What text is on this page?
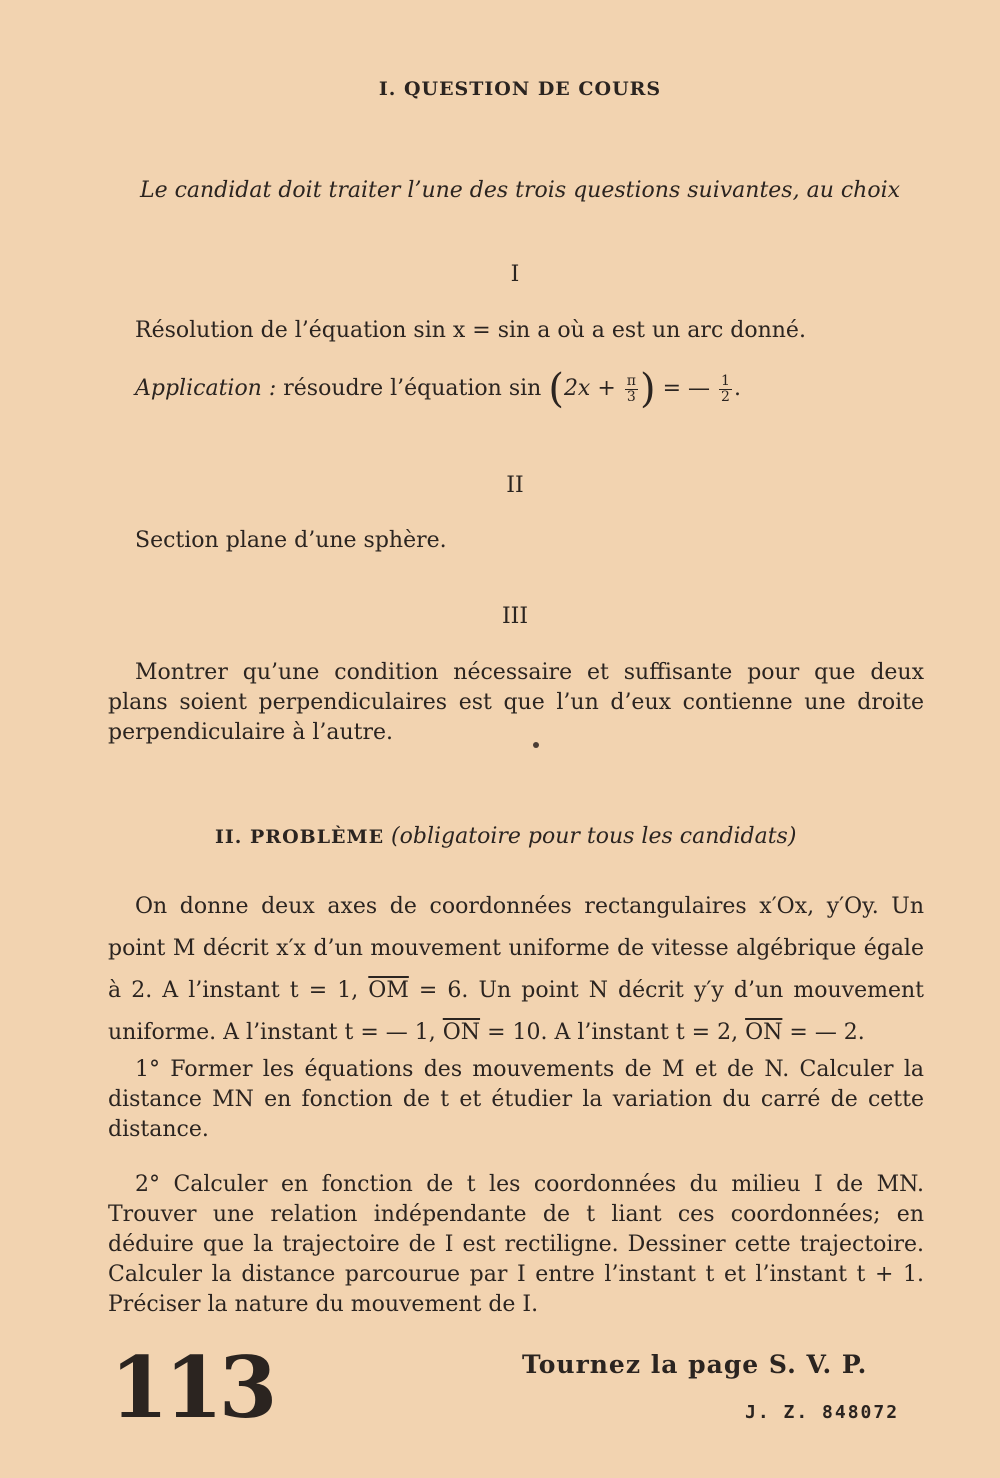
I. QUESTION DE COURS
Le candidat doit traiter l’une des trois questions suivantes, au choix
I
Résolution de l’équation sin x = sin a où a est un arc donné.
Application : résoudre l’équation $\sin (2x + \frac{\pi}{3}$ ) = — $\frac{1}{2}$ .
II
Section plane d’une sphère.
III
Montrer qu’une condition nécessaire et suffisante pour que deux plans soient perpendiculaires est que l’un d’eux contienne une droite perpendiculaire à l’autre.
II. PROBLÈME (obligatoire pour tous les candidats)
On donne deux axes de coordonnées rectangulaires x′Ox, y′Oy. Un point M décrit x′x d’un mouvement uniforme de vitesse algébrique égale à 2. A l’instant t = 1, $\overline{OM} = 6$. Un point N décrit y′y d’un mouvement uniforme. A l’instant t = — 1, $\overline{ON} = 10$. A l’instant t = 2, $\overline{ON}$ = — 2.
1° Former les équations des mouvements de M et de N. Calculer la distance MN en fonction de t et étudier la variation du carré de cette distance.
2° Calculer en fonction de t les coordonnées du milieu I de MN. Trouver une relation indépendante de t liant ces coordonnées; en déduire que la trajectoire de I est rectiligne. Dessiner cette trajectoire. Calculer la distance parcourue par I entre l’instant t et l’instant t + 1. Préciser la nature du mouvement de I.
113	Tournez la page S. V. P.
J. Z. 848072
